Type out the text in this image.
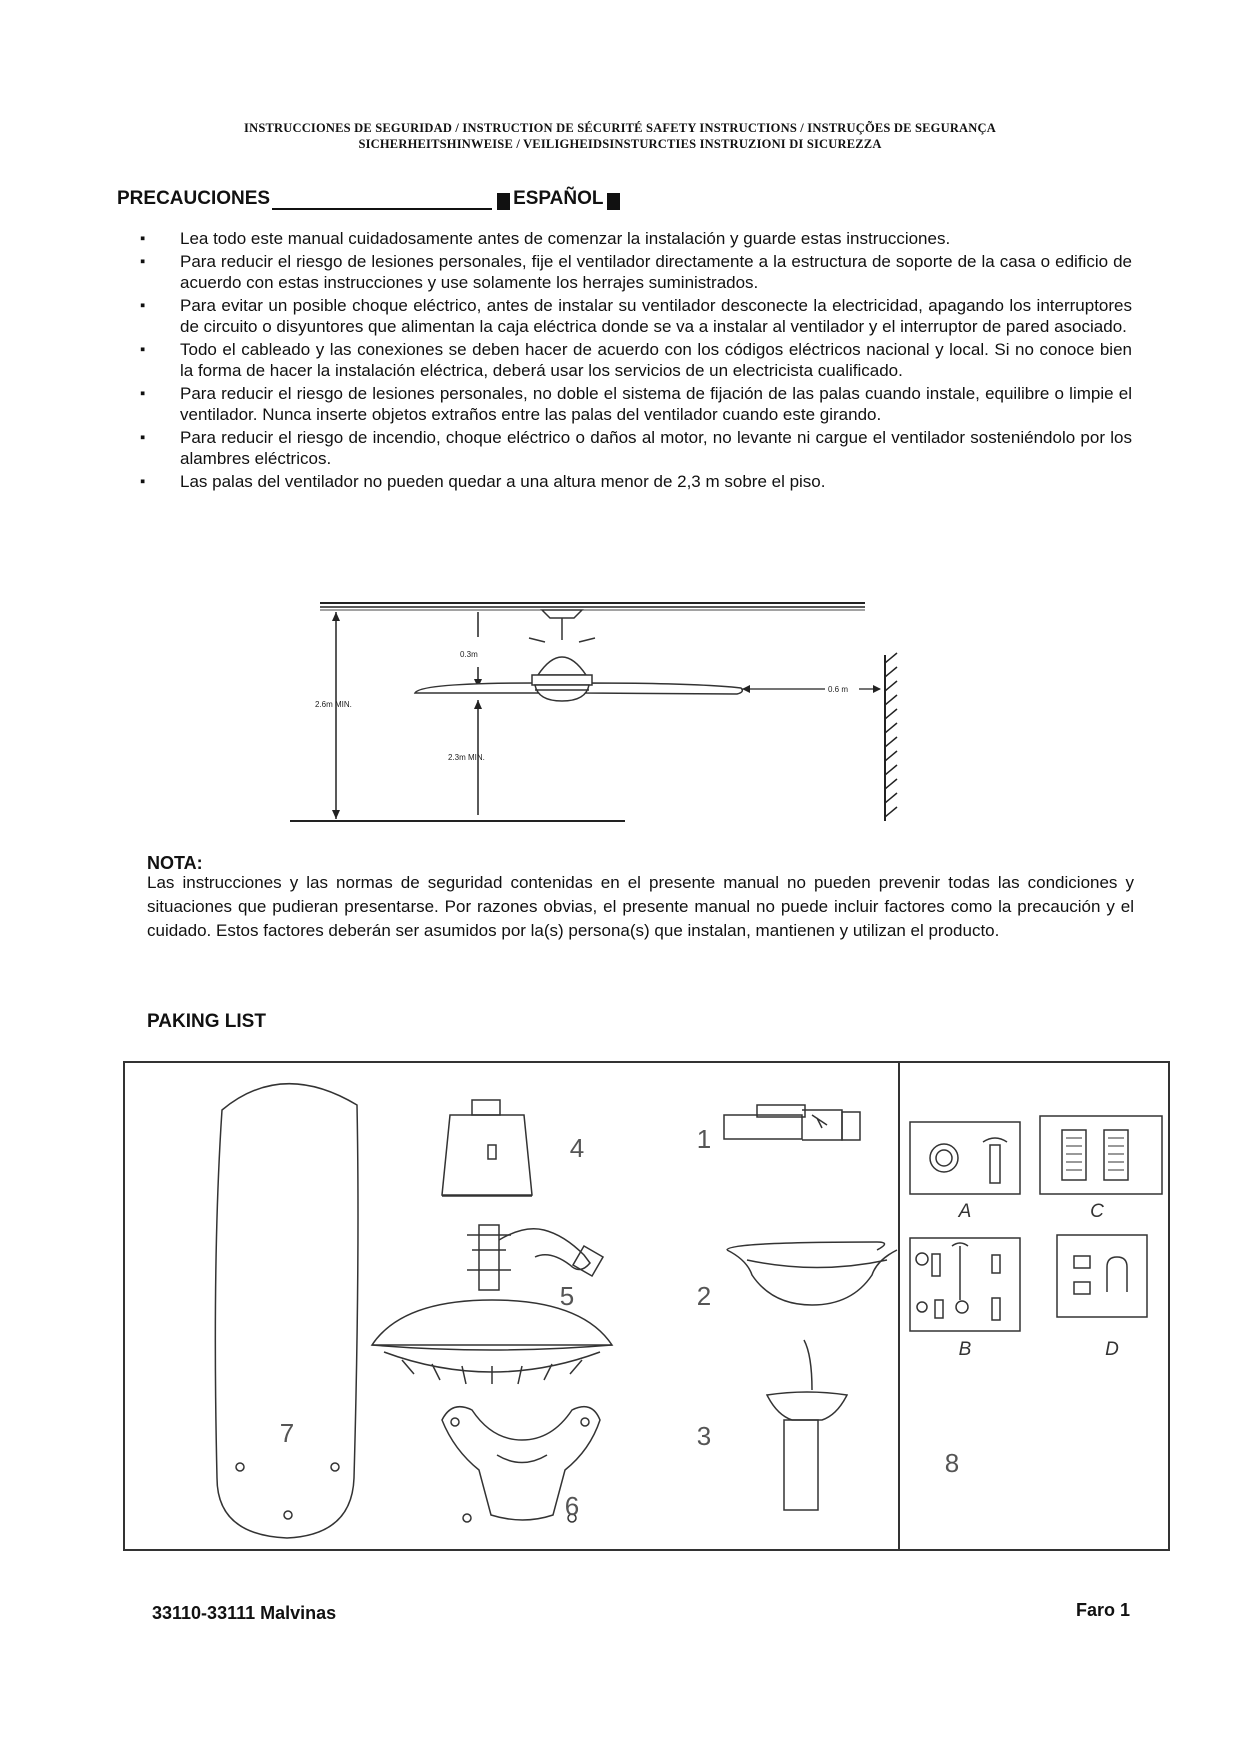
INSTRUCCIONES DE SEGURIDAD / INSTRUCTION DE SÉCURITÉ SAFETY INSTRUCTIONS / INSTRUÇÕES DE SEGURANÇA
SICHERHEITSHINWEISE / VEILIGHEIDSINSTURCTIES INSTRUZIONI DI SICUREZZA
PRECAUCIONES	ESPAÑOL
▪ Lea todo este manual cuidadosamente antes de comenzar la instalación y guarde estas instrucciones.
▪ Para reducir el riesgo de lesiones personales, fije el ventilador directamente a la estructura de soporte de la casa o edificio de acuerdo con estas instrucciones y use solamente los herrajes suministrados.
▪ Para evitar un posible choque eléctrico, antes de instalar su ventilador desconecte la electricidad, apagando los interruptores de circuito o disyuntores que alimentan la caja eléctrica donde se va a instalar al ventilador y el interruptor de pared asociado.
▪ Todo el cableado y las conexiones se deben hacer de acuerdo con los códigos eléctricos nacional y local. Si no conoce bien la forma de hacer la instalación eléctrica, deberá usar los servicios de un electricista cualificado.
▪ Para reducir el riesgo de lesiones personales, no doble el sistema de fijación de las palas cuando instale, equilibre o limpie el ventilador. Nunca inserte objetos extraños entre las palas del ventilador cuando este girando.
▪ Para reducir el riesgo de incendio, choque eléctrico o daños al motor, no levante ni cargue el ventilador sosteniéndolo por los alambres eléctricos.
▪ Las palas del ventilador no pueden quedar a una altura menor de 2,3 m sobre el piso.
2.6m MIN.
0.3m
2.3m MIN.
0.6 m
NOTA:
Las instrucciones y las normas de seguridad contenidas en el presente manual no pueden prevenir todas las condiciones y situaciones que pudieran presentarse. Por razones obvias, el presente manual no puede incluir factores como la precaución y el cuidado. Estos factores deberán ser asumidos por la(s) persona(s) que instalan, mantienen y utilizan el producto.
PAKING LIST
7
4
5
6
1
2
3
A	C
B	D
8
33110-33111 Malvinas	Faro 1
